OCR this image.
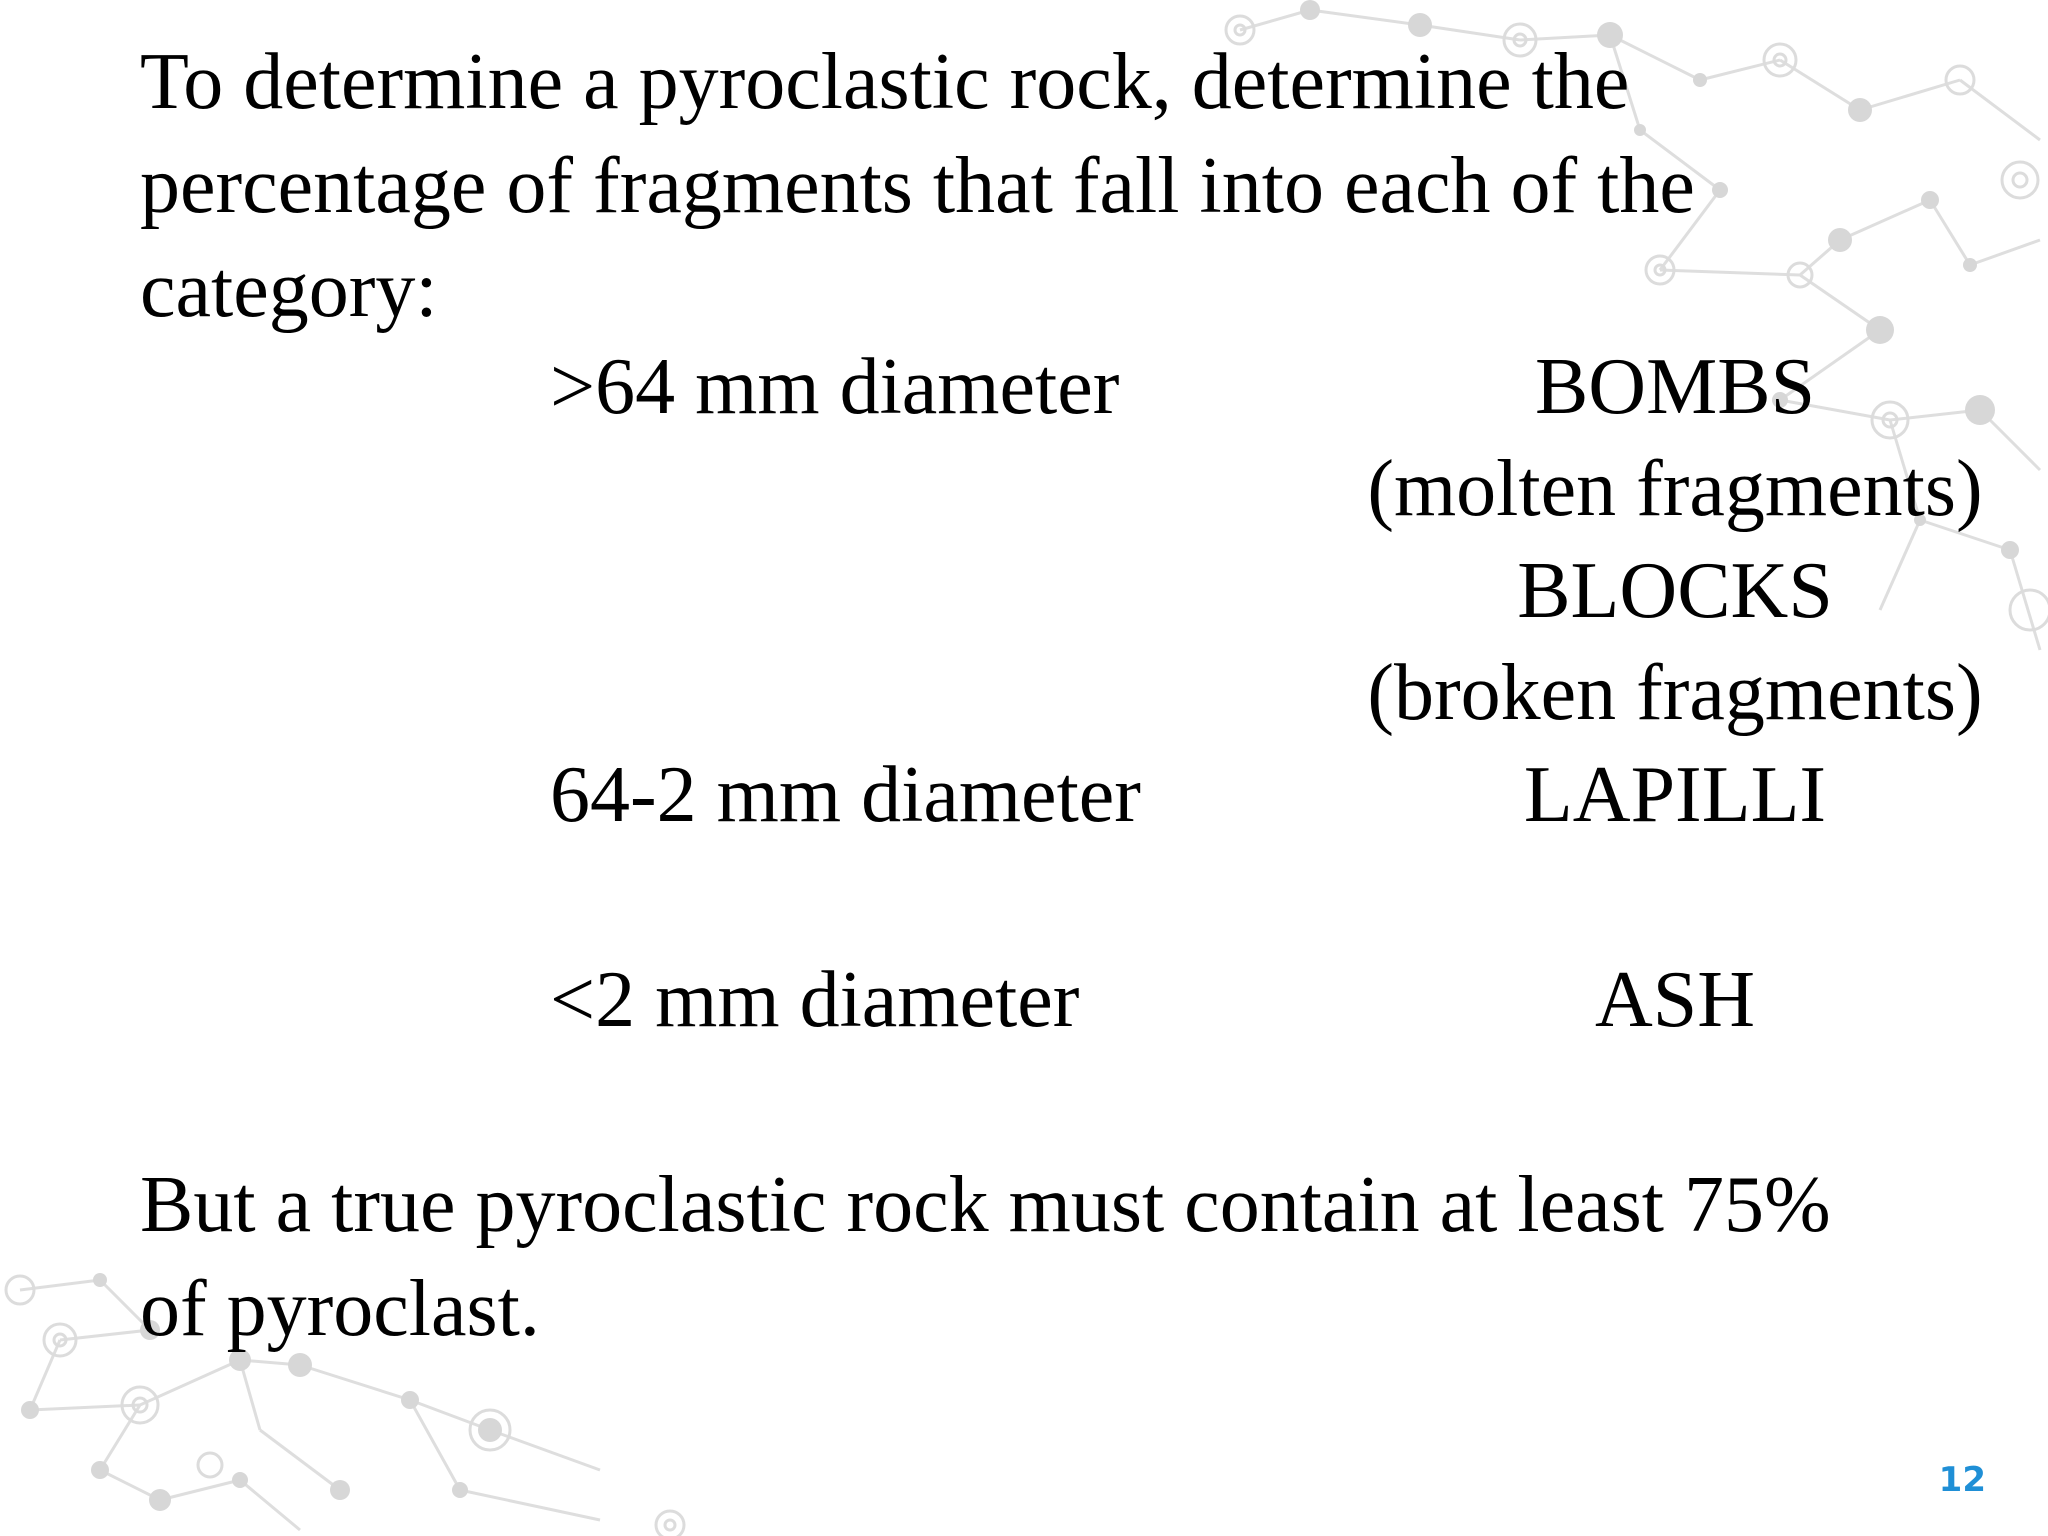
To determine a pyroclastic rock, determine the
percentage of fragments that fall into each of the
category:
>64 mm diameter	BOMBS
(molten fragments)
BLOCKS
(broken fragments)
64-2 mm diameter	LAPILLI
<2 mm diameter	ASH
But a true pyroclastic rock must contain at least 75%
of pyroclast.
12
